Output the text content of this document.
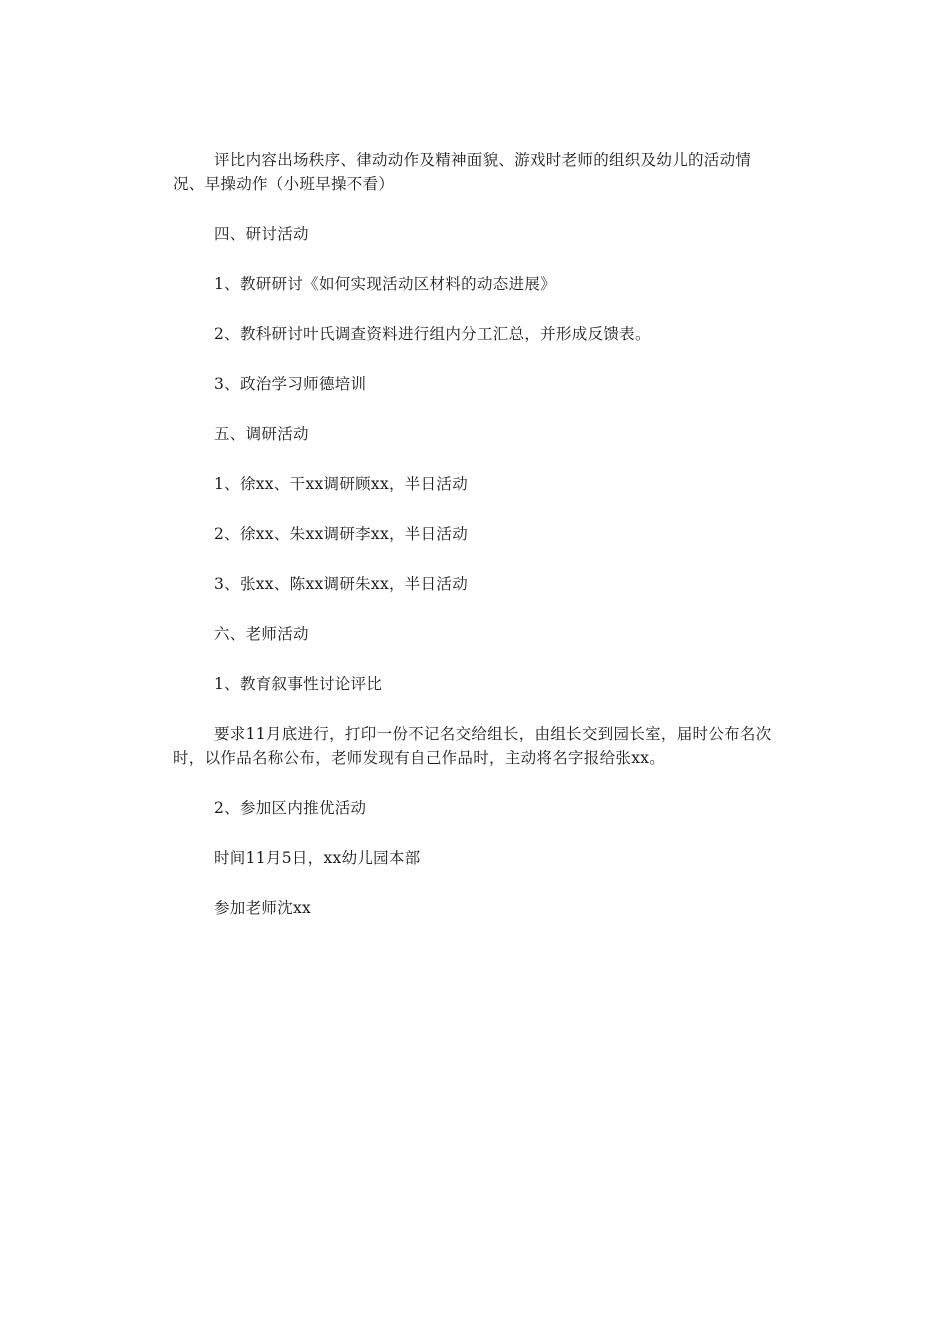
评比内容出场秩序、律动动作及精神面貌、游戏时老师的组织及幼儿的活动情况、早操动作（小班早操不看）

四、研讨活动

1、教研研讨《如何实现活动区材料的动态进展》

2、教科研讨叶氏调查资料进行组内分工汇总，并形成反馈表。

3、政治学习师德培训

五、调研活动

1、徐xx、干xx调研顾xx，半日活动

2、徐xx、朱xx调研李xx，半日活动

3、张xx、陈xx调研朱xx，半日活动

六、老师活动

1、教育叙事性讨论评比

要求11月底进行，打印一份不记名交给组长，由组长交到园长室，届时公布名次时，以作品名称公布，老师发现有自己作品时，主动将名字报给张xx。

2、参加区内推优活动

时间11月5日，xx幼儿园本部

参加老师沈xx
